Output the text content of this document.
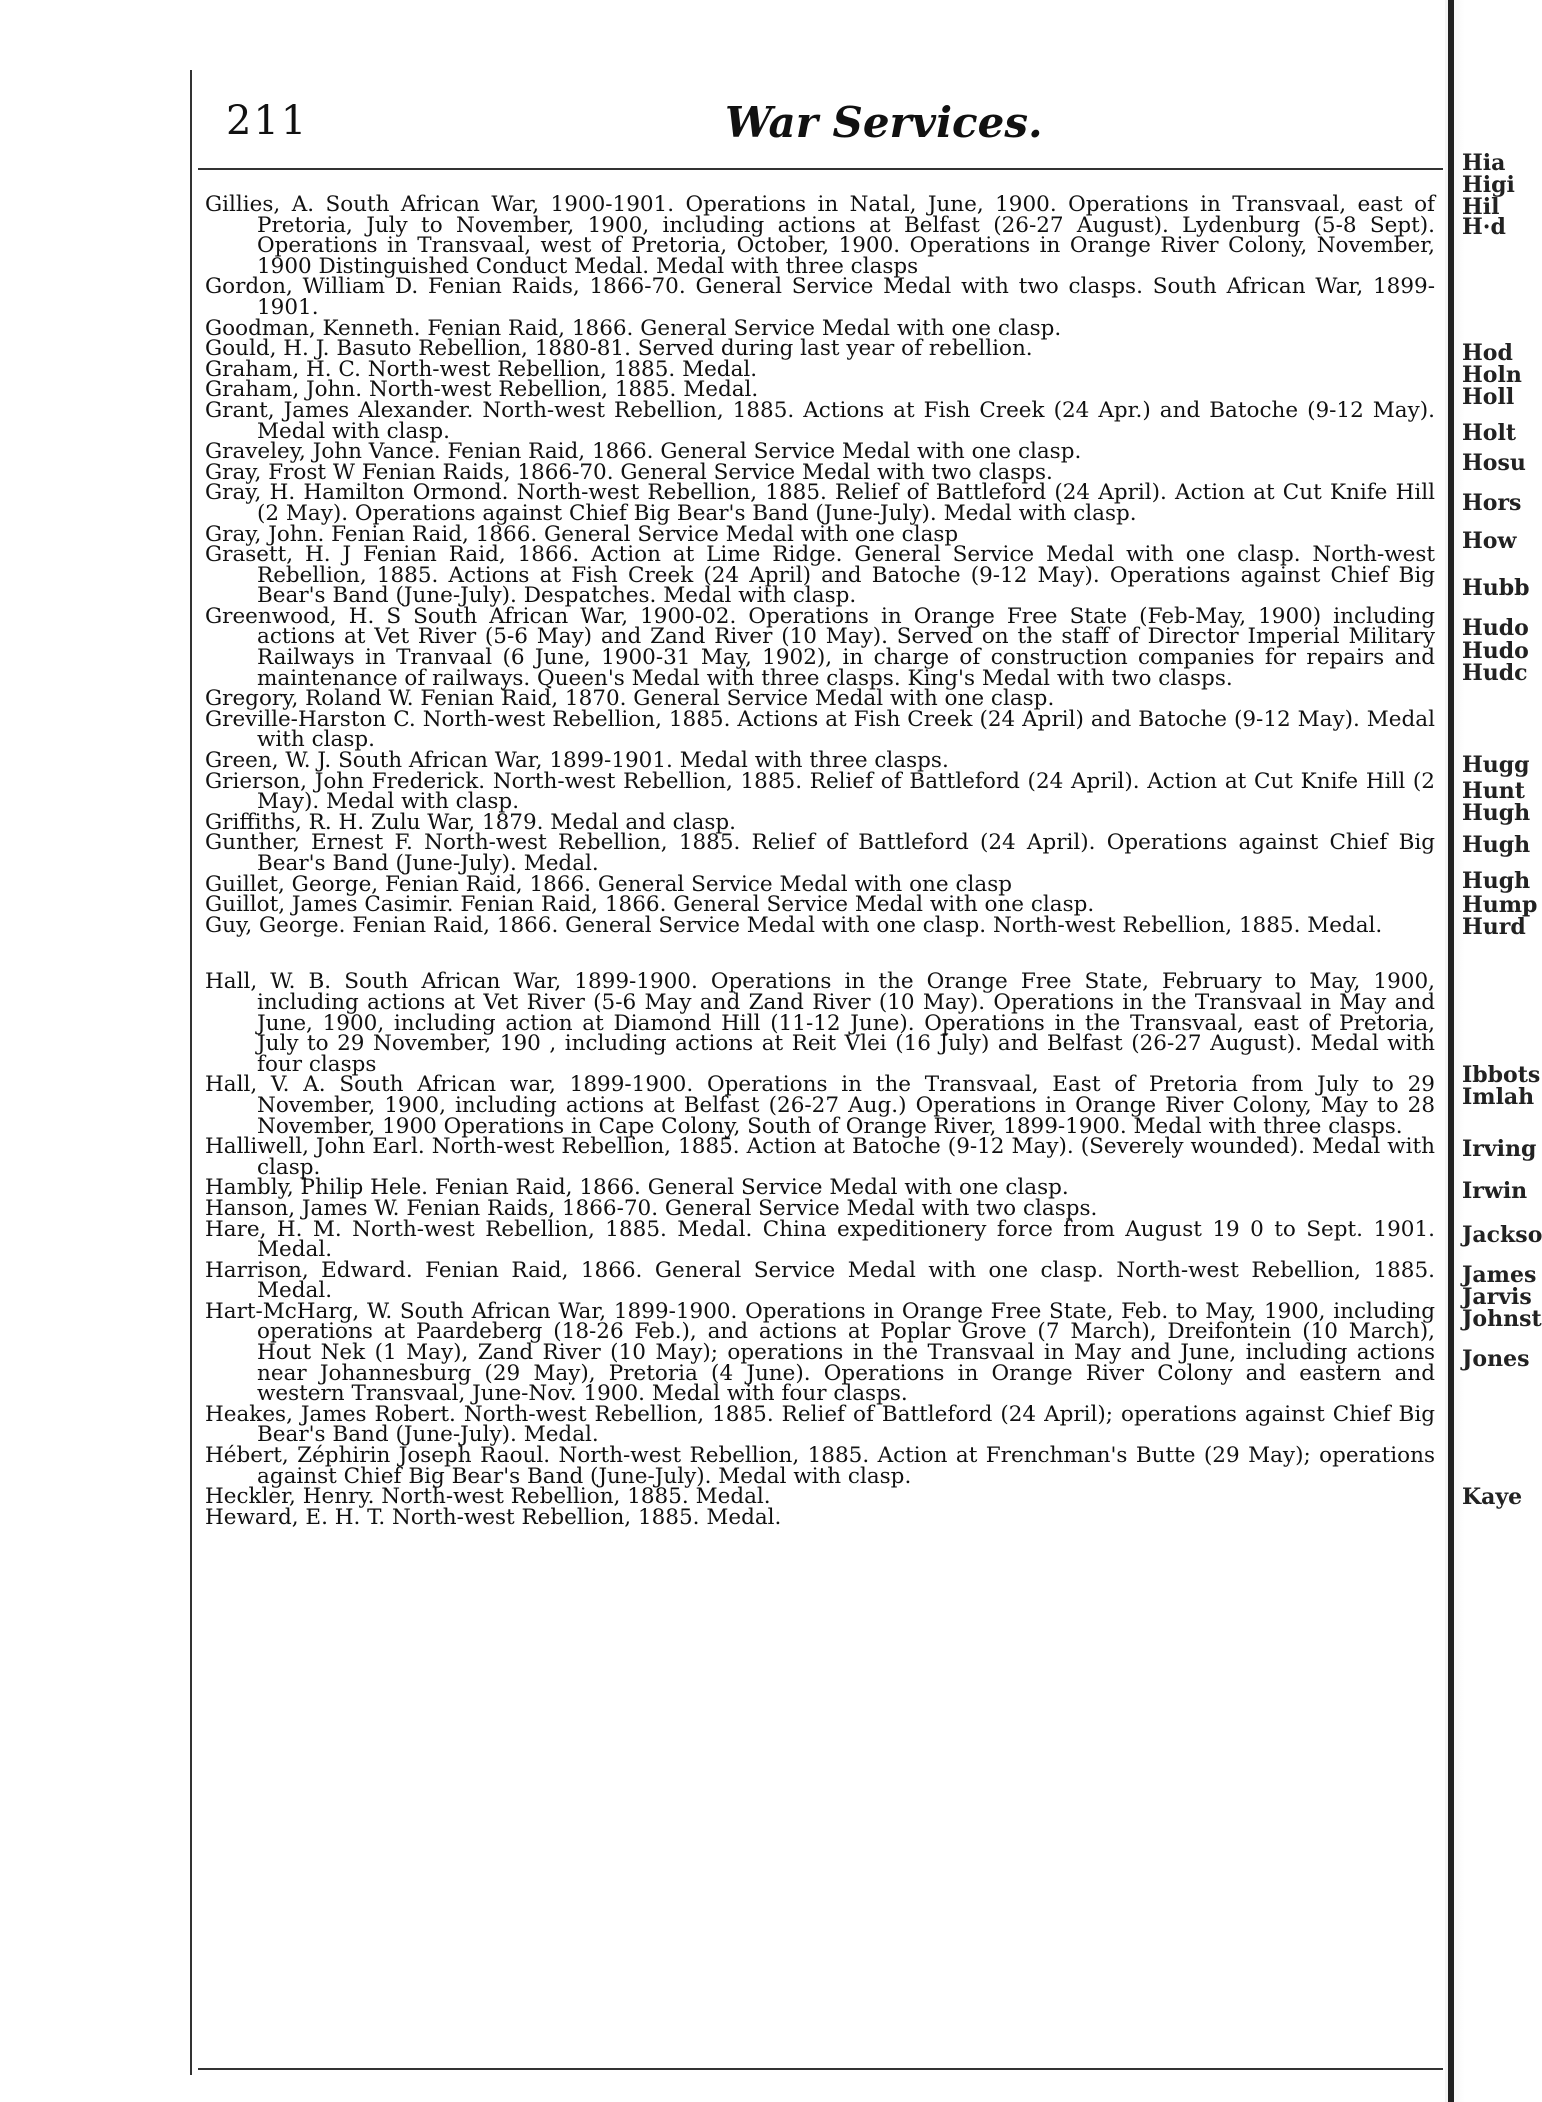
211	War Services.

Gillies, A. South African War, 1900-1901. Operations in Natal, June, 1900. Operations in Transvaal, east of Pretoria, July to November, 1900, including actions at Belfast (26-27 August). Lydenburg (5-8 Sept). Operations in Transvaal, west of Pretoria, October, 1900. Operations in Orange River Colony, November, 1900 Distinguished Conduct Medal. Medal with three clasps

Gordon, William D. Fenian Raids, 1866-70. General Service Medal with two clasps. South African War, 1899-1901.

Goodman, Kenneth. Fenian Raid, 1866. General Service Medal with one clasp.

Gould, H. J. Basuto Rebellion, 1880-81. Served during last year of rebellion.

Graham, H. C. North-west Rebellion, 1885. Medal.

Graham, John. North-west Rebellion, 1885. Medal.

Grant, James Alexander. North-west Rebellion, 1885. Actions at Fish Creek (24 Apr.) and Batoche (9-12 May). Medal with clasp.

Graveley, John Vance. Fenian Raid, 1866. General Service Medal with one clasp.

Gray, Frost W Fenian Raids, 1866-70. General Service Medal with two clasps.

Gray, H. Hamilton Ormond. North-west Rebellion, 1885. Relief of Battleford (24 April). Action at Cut Knife Hill (2 May). Operations against Chief Big Bear's Band (June-July). Medal with clasp.

Gray, John. Fenian Raid, 1866. General Service Medal with one clasp

Grasett, H. J Fenian Raid, 1866. Action at Lime Ridge. General Service Medal with one clasp. North-west Rebellion, 1885. Actions at Fish Creek (24 April) and Batoche (9-12 May). Operations against Chief Big Bear's Band (June-July). Despatches. Medal with clasp.

Greenwood, H. S South African War, 1900-02. Operations in Orange Free State (Feb-May, 1900) including actions at Vet River (5-6 May) and Zand River (10 May). Served on the staff of Director Imperial Military Railways in Tranvaal (6 June, 1900-31 May, 1902), in charge of construction companies for repairs and maintenance of railways. Queen's Medal with three clasps. King's Medal with two clasps.

Gregory, Roland W. Fenian Raid, 1870. General Service Medal with one clasp.

Greville-Harston C. North-west Rebellion, 1885. Actions at Fish Creek (24 April) and Batoche (9-12 May). Medal with clasp.

Green, W. J. South African War, 1899-1901. Medal with three clasps.

Grierson, John Frederick. North-west Rebellion, 1885. Relief of Battleford (24 April). Action at Cut Knife Hill (2 May). Medal with clasp.

Griffiths, R. H. Zulu War, 1879. Medal and clasp.

Gunther, Ernest F. North-west Rebellion, 1885. Relief of Battleford (24 April). Operations against Chief Big Bear's Band (June-July). Medal.

Guillet, George, Fenian Raid, 1866. General Service Medal with one clasp

Guillot, James Casimir. Fenian Raid, 1866. General Service Medal with one clasp.

Guy, George. Fenian Raid, 1866. General Service Medal with one clasp. North-west Rebellion, 1885. Medal.

Hall, W. B. South African War, 1899-1900. Operations in the Orange Free State, February to May, 1900, including actions at Vet River (5-6 May and Zand River (10 May). Operations in the Transvaal in May and June, 1900, including action at Diamond Hill (11-12 June). Operations in the Transvaal, east of Pretoria, July to 29 November, 190 , including actions at Reit Vlei (16 July) and Belfast (26-27 August). Medal with four clasps

Hall, V. A. South African war, 1899-1900. Operations in the Transvaal, East of Pretoria from July to 29 November, 1900, including actions at Belfast (26-27 Aug.) Operations in Orange River Colony, May to 28 November, 1900 Operations in Cape Colony, South of Orange River, 1899-1900. Medal with three clasps.

Halliwell, John Earl. North-west Rebellion, 1885. Action at Batoche (9-12 May). (Severely wounded). Medal with clasp.

Hambly, Philip Hele. Fenian Raid, 1866. General Service Medal with one clasp.

Hanson, James W. Fenian Raids, 1866-70. General Service Medal with two clasps.

Hare, H. M. North-west Rebellion, 1885. Medal. China expeditionery force from August 19 0 to Sept. 1901. Medal.

Harrison, Edward. Fenian Raid, 1866. General Service Medal with one clasp. North-west Rebellion, 1885. Medal.

Hart-McHarg, W. South African War, 1899-1900. Operations in Orange Free State, Feb. to May, 1900, including operations at Paardeberg (18-26 Feb.), and actions at Poplar Grove (7 March), Dreifontein (10 March), Hout Nek (1 May), Zand River (10 May); operations in the Transvaal in May and June, including actions near Johannesburg (29 May), Pretoria (4 June). Operations in Orange River Colony and eastern and western Transvaal, June-Nov. 1900. Medal with four clasps.

Heakes, James Robert. North-west Rebellion, 1885. Relief of Battleford (24 April); operations against Chief Big Bear's Band (June-July). Medal.

Hébert, Zéphirin Joseph Raoul. North-west Rebellion, 1885. Action at Frenchman's Butte (29 May); operations against Chief Big Bear's Band (June-July). Medal with clasp.

Heckler, Henry. North-west Rebellion, 1885. Medal.

Heward, E. H. T. North-west Rebellion, 1885. Medal.

Hia
Higi
Hil
H·d
Hod
Holn
Holl
Holt
Hosu
Hors
How
Hubb
Hudo
Hudo
Hudc
Hugg
Hunt
Hugh
Hugh
Hugh
Hump
Hurd
Ibbots
Imlah
Irving
Irwin
Jackso
James
Jarvis
Johnst
Jones
Kaye
